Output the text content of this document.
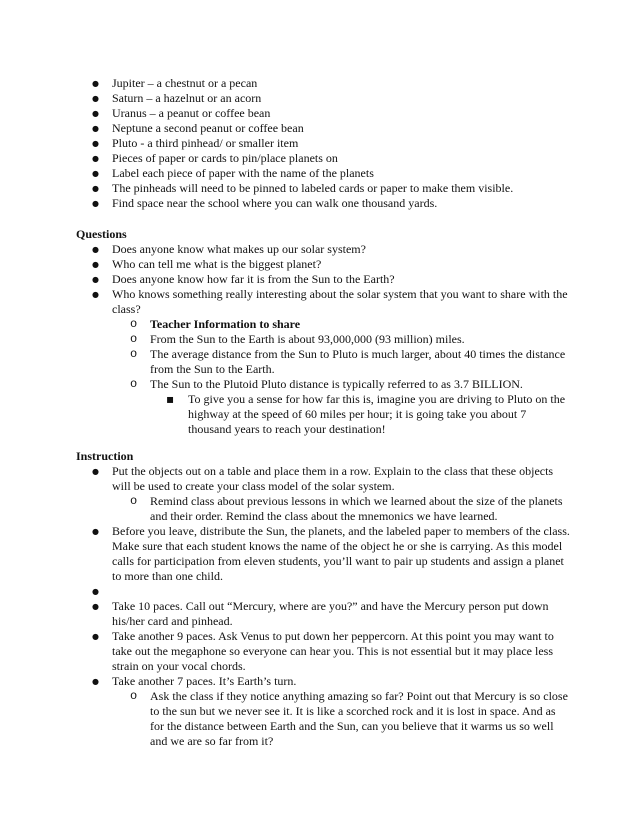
● Jupiter – a chestnut or a pecan
● Saturn – a hazelnut or an acorn
● Uranus – a peanut or coffee bean
● Neptune a second peanut or coffee bean
● Pluto - a third pinhead/ or smaller item
● Pieces of paper or cards to pin/place planets on
● Label each piece of paper with the name of the planets
● The pinheads will need to be pinned to labeled cards or paper to make them visible.
● Find space near the school where you can walk one thousand yards.
Questions
● Does anyone know what makes up our solar system?
● Who can tell me what is the biggest planet?
● Does anyone know how far it is from the Sun to the Earth?
● Who knows something really interesting about the solar system that you want to share with the class?
o Teacher Information to share
o From the Sun to the Earth is about 93,000,000 (93 million) miles.
o The average distance from the Sun to Pluto is much larger, about 40 times the distance from the Sun to the Earth.
o The Sun to the Plutoid Pluto distance is typically referred to as 3.7 BILLION.
▪ To give you a sense for how far this is, imagine you are driving to Pluto on the highway at the speed of 60 miles per hour; it is going take you about 7 thousand years to reach your destination!
Instruction
● Put the objects out on a table and place them in a row. Explain to the class that these objects will be used to create your class model of the solar system.
o Remind class about previous lessons in which we learned about the size of the planets and their order. Remind the class about the mnemonics we have learned.
● Before you leave, distribute the Sun, the planets, and the labeled paper to members of the class. Make sure that each student knows the name of the object he or she is carrying. As this model calls for participation from eleven students, you’ll want to pair up students and assign a planet to more than one child.
●
● Take 10 paces. Call out “Mercury, where are you?” and have the Mercury person put down his/her card and pinhead.
● Take another 9 paces. Ask Venus to put down her peppercorn. At this point you may want to take out the megaphone so everyone can hear you. This is not essential but it may place less strain on your vocal chords.
● Take another 7 paces. It’s Earth’s turn.
o Ask the class if they notice anything amazing so far? Point out that Mercury is so close to the sun but we never see it. It is like a scorched rock and it is lost in space. And as for the distance between Earth and the Sun, can you believe that it warms us so well and we are so far from it?
